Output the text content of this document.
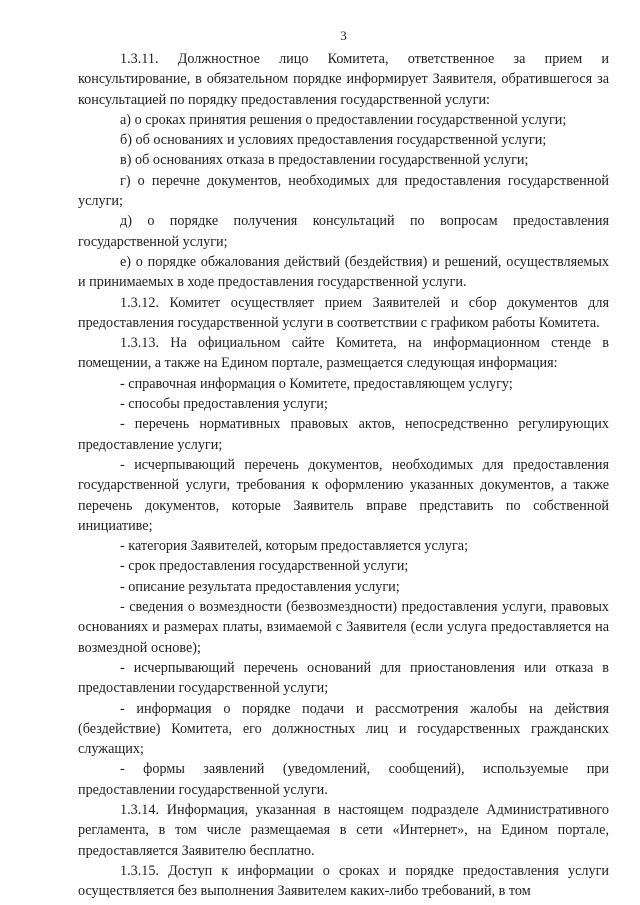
3

1.3.11. Должностное лицо Комитета, ответственное за прием и консультирование, в обязательном порядке информирует Заявителя, обратившегося за консультацией по порядку предоставления государственной услуги:

а) о сроках принятия решения о предоставлении государственной услуги;

б) об основаниях и условиях предоставления государственной услуги;

в) об основаниях отказа в предоставлении государственной услуги;

г) о перечне документов, необходимых для предоставления государственной услуги;

д) о порядке получения консультаций по вопросам предоставления государственной услуги;

е) о порядке обжалования действий (бездействия) и решений, осуществляемых и принимаемых в ходе предоставления государственной услуги.

1.3.12. Комитет осуществляет прием Заявителей и сбор документов для предоставления государственной услуги в соответствии с графиком работы Комитета.

1.3.13. На официальном сайте Комитета, на информационном стенде в помещении, а также на Едином портале, размещается следующая информация:

- справочная информация о Комитете, предоставляющем услугу;

- способы предоставления услуги;

- перечень нормативных правовых актов, непосредственно регулирующих предоставление услуги;

- исчерпывающий перечень документов, необходимых для предоставления государственной услуги, требования к оформлению указанных документов, а также перечень документов, которые Заявитель вправе представить по собственной инициативе;

- категория Заявителей, которым предоставляется услуга;

- срок предоставления государственной услуги;

- описание результата предоставления услуги;

- сведения о возмездности (безвозмездности) предоставления услуги, правовых основаниях и размерах платы, взимаемой с Заявителя (если услуга предоставляется на возмездной основе);

- исчерпывающий перечень оснований для приостановления или отказа в предоставлении государственной услуги;

- информация о порядке подачи и рассмотрения жалобы на действия (бездействие) Комитета, его должностных лиц и государственных гражданских служащих;

- формы заявлений (уведомлений, сообщений), используемые при предоставлении государственной услуги.

1.3.14. Информация, указанная в настоящем подразделе Административного регламента, в том числе размещаемая в сети «Интернет», на Едином портале, предоставляется Заявителю бесплатно.

1.3.15. Доступ к информации о сроках и порядке предоставления услуги осуществляется без выполнения Заявителем каких-либо требований, в том
